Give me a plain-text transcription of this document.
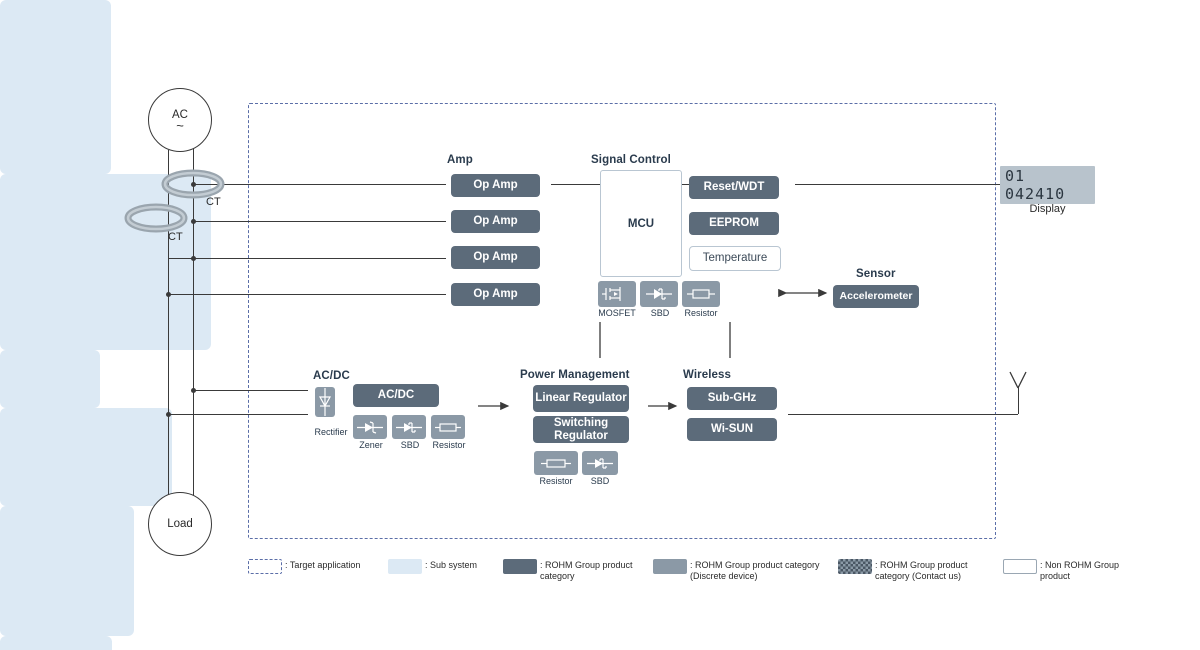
AC
~
Load
CT
CT
Amp
Op Amp
Op Amp
Op Amp
Op Amp
Signal Control
MCU
Reset/WDT
EEPROM
Temperature
MOSFET	SBD	Resistor
Sensor
Accelerometer
AC/DC
AC/DC
Rectifier
Zener	SBD	Resistor
Power Management
Linear Regulator
Switching Regulator
Resistor	SBD
Wireless
Sub-GHz
Wi-SUN
01 042410
Display
: Target application	: Sub system	: ROHM Group product category
: ROHM Group product category (Discrete device)
: ROHM Group product category (Contact us)
: Non ROHM Group product
